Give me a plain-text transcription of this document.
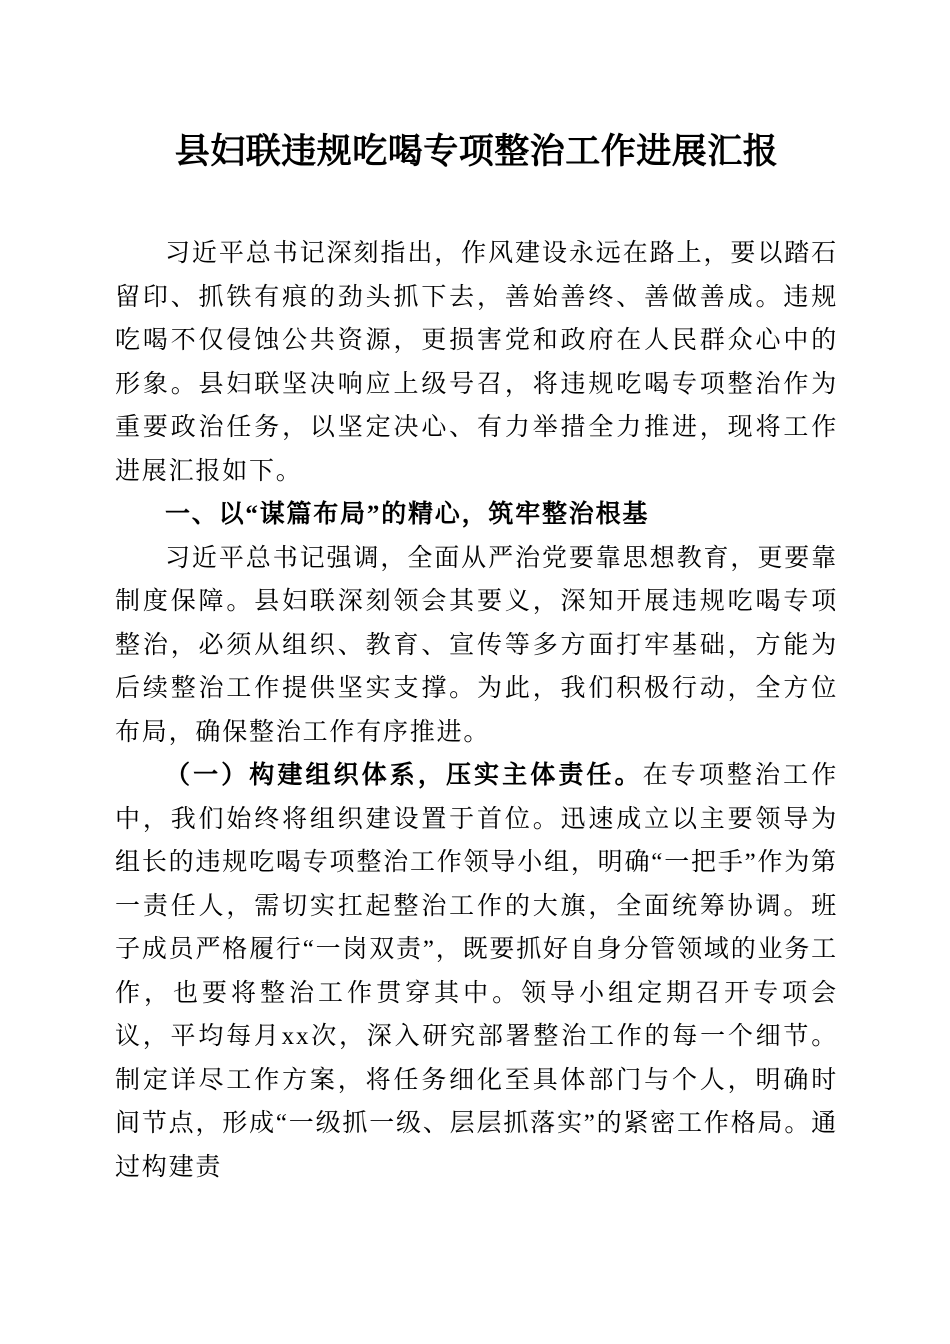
县妇联违规吃喝专项整治工作进展汇报

习近平总书记深刻指出，作风建设永远在路上，要以踏石留印、抓铁有痕的劲头抓下去，善始善终、善做善成。违规吃喝不仅侵蚀公共资源，更损害党和政府在人民群众心中的形象。县妇联坚决响应上级号召，将违规吃喝专项整治作为重要政治任务，以坚定决心、有力举措全力推进，现将工作进展汇报如下。

一、以“谋篇布局”的精心，筑牢整治根基

习近平总书记强调，全面从严治党要靠思想教育，更要靠制度保障。县妇联深刻领会其要义，深知开展违规吃喝专项整治，必须从组织、教育、宣传等多方面打牢基础，方能为后续整治工作提供坚实支撑。为此，我们积极行动，全方位布局，确保整治工作有序推进。

（一）构建组织体系，压实主体责任。在专项整治工作中，我们始终将组织建设置于首位。迅速成立以主要领导为组长的违规吃喝专项整治工作领导小组，明确“一把手”作为第一责任人，需切实扛起整治工作的大旗，全面统筹协调。班子成员严格履行“一岗双责”，既要抓好自身分管领域的业务工作，也要将整治工作贯穿其中。领导小组定期召开专项会议，平均每月xx次，深入研究部署整治工作的每一个细节。制定详尽工作方案，将任务细化至具体部门与个人，明确时间节点，形成“一级抓一级、层层抓落实”的紧密工作格局。通过构建责
